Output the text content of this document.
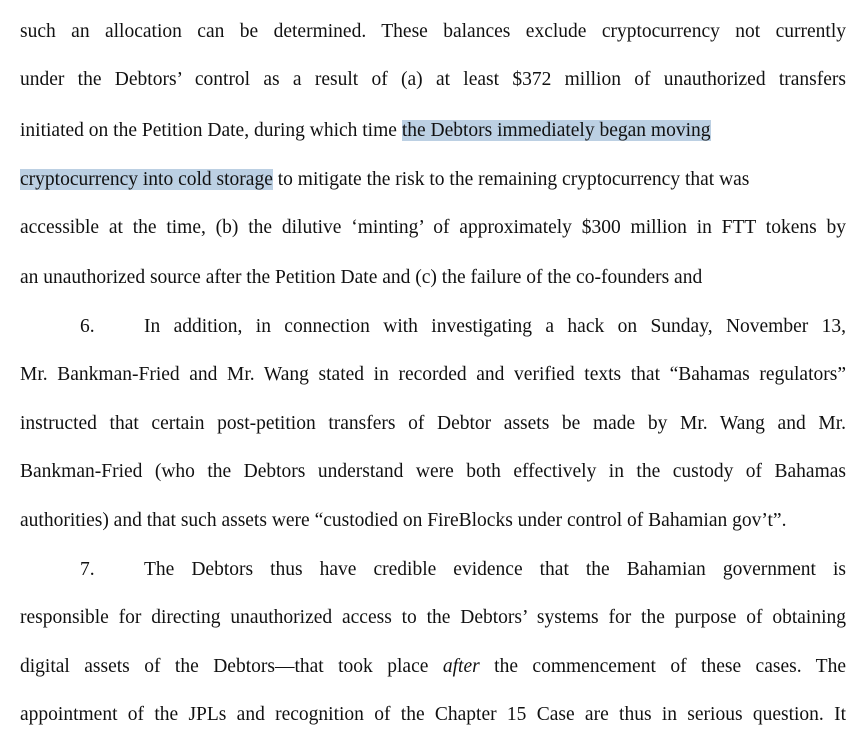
such an allocation can be determined. These balances exclude cryptocurrency not currently
under the Debtors’ control as a result of (a) at least $372 million of unauthorized transfers
initiated on the Petition Date, during which time the Debtors immediately began moving
cryptocurrency into cold storage to mitigate the risk to the remaining cryptocurrency that was
accessible at the time, (b) the dilutive ‘minting’ of approximately $300 million in FTT tokens by
an unauthorized source after the Petition Date and (c) the failure of the co-founders and
6.	In addition, in connection with investigating a hack on Sunday, November 13,
Mr. Bankman-Fried and Mr. Wang stated in recorded and verified texts that “Bahamas regulators”
instructed that certain post-petition transfers of Debtor assets be made by Mr. Wang and Mr.
Bankman-Fried (who the Debtors understand were both effectively in the custody of Bahamas
authorities) and that such assets were “custodied on FireBlocks under control of Bahamian gov’t”.
7.	The Debtors thus have credible evidence that the Bahamian government is
responsible for directing unauthorized access to the Debtors’ systems for the purpose of obtaining
digital assets of the Debtors—that took place after the commencement of these cases. The
appointment of the JPLs and recognition of the Chapter 15 Case are thus in serious question. It
